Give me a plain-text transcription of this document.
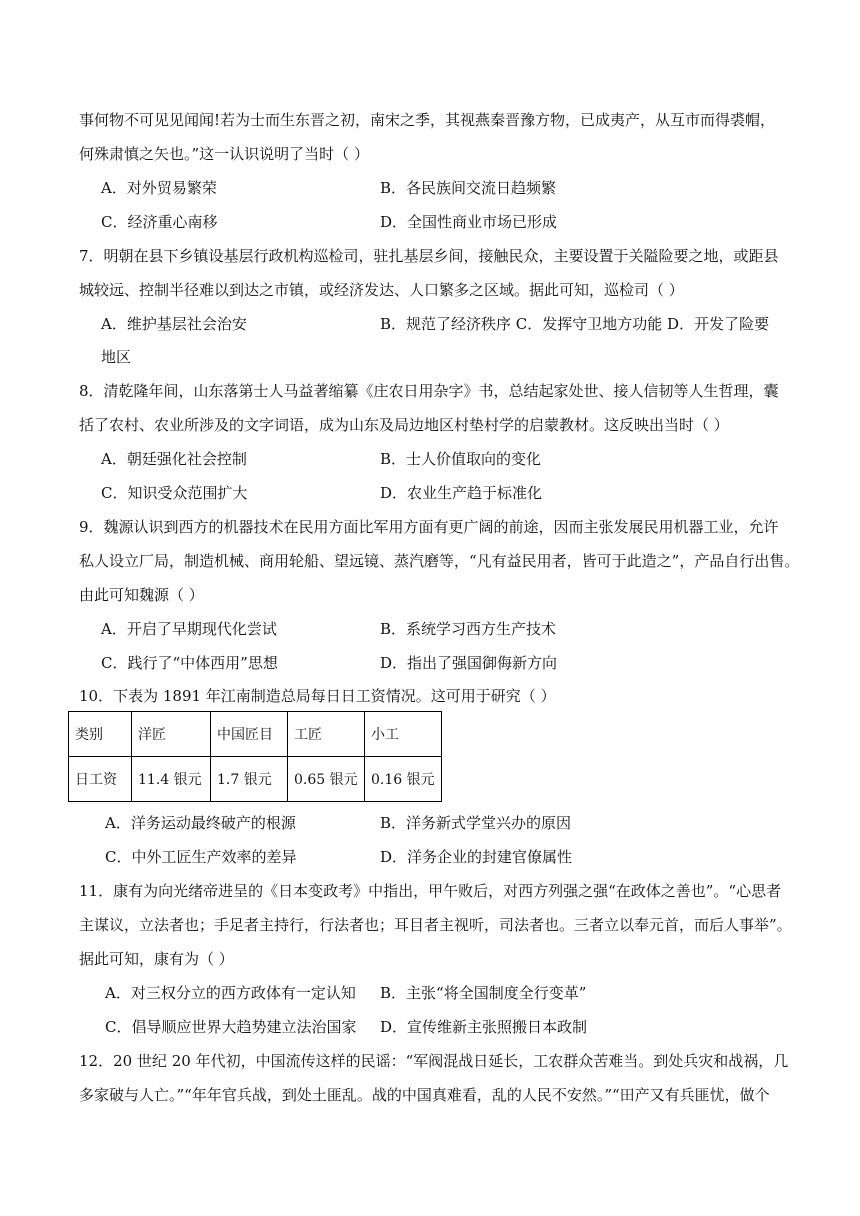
事何物不可见见闻闻!若为士而生东晋之初，南宋之季，其视燕秦晋豫方物，已成夷产，从互市而得裘帽，
何殊肃慎之矢也。”这一认识说明了当时（ ）
A．对外贸易繁荣	B．各民族间交流日趋频繁
C．经济重心南移	D．全国性商业市场已形成
7．明朝在县下乡镇设基层行政机构巡检司，驻扎基层乡间，接触民众，主要设置于关隘险要之地，或距县
城较远、控制半径难以到达之市镇，或经济发达、人口繁多之区域。据此可知，巡检司（ ）
A．维护基层社会治安	B．规范了经济秩序 C．发挥守卫地方功能 D．开发了险要
地区
8．清乾隆年间，山东落第士人马益著缩纂《庄农日用杂字》书，总结起家处世、接人信韧等人生哲理，囊
括了农村、农业所涉及的文字词语，成为山东及局边地区村垫村学的启蒙教材。这反映出当时（ ）
A．朝廷强化社会控制	B．士人价值取向的变化
C．知识受众范围扩大	D．农业生产趋于标准化
9．魏源认识到西方的机器技术在民用方面比军用方面有更广阔的前途，因而主张发展民用机器工业，允许
私人设立厂局，制造机械、商用轮船、望远镜、蒸汽磨等，“凡有益民用者，皆可于此造之”，产品自行出售。
由此可知魏源（ ）
A．开启了早期现代化尝试	B．系统学习西方生产技术
C．践行了“中体西用”思想	D．指出了强国御侮新方向
10．下表为 1891 年江南制造总局每日日工资情况。这可用于研究（ ）
类别	洋匠	中国匠目	工匠	小工
日工资	11.4 银元	1.7 银元	0.65 银元	0.16 银元
A．洋务运动最终破产的根源	B．洋务新式学堂兴办的原因
C．中外工匠生产效率的差异	D．洋务企业的封建官僚属性
11．康有为向光绪帝进呈的《日本变政考》中指出，甲午败后，对西方列强之强“在政体之善也”。“心思者
主谋议，立法者也；手足者主持行，行法者也；耳目者主视听，司法者也。三者立以奉元首，而后人事举”。
据此可知，康有为（ ）
A．对三权分立的西方政体有一定认知 B．主张“将全国制度全行变革”
C．倡导顺应世界大趋势建立法治国家 D．宣传维新主张照搬日本政制
12．20 世纪 20 年代初，中国流传这样的民谣：“军阀混战日延长，工农群众苦难当。到处兵灾和战祸，几
多家破与人亡。”“年年官兵战，到处土匪乱。战的中国真难看，乱的人民不安然。”“田产又有兵匪忧，做个
